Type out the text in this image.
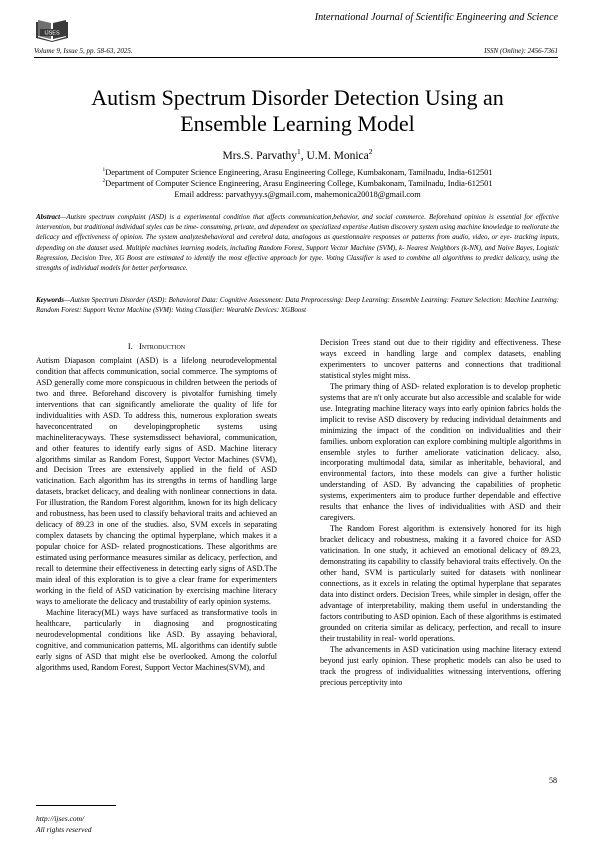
IJSES
International Journal of Scientific Engineering and Science
Volume 9, Issue 5, pp. 58-63, 2025.	ISSN (Online): 2456-7361
Autism Spectrum Disorder Detection Using an
Ensemble Learning Model
Mrs.S. Parvathy$^1$, U.M. Monica$^2$
$^1$Department of Computer Science Engineering, Arasu Engineering College, Kumbakonam, Tamilnadu, India-612501
$^2$Department of Computer Science Engineering, Arasu Engineering College, Kumbakonam, Tamilnadu, India-612501
Email address: parvathyyy.s@gmail.com, mahemonica20018@gmail.com
Abstract—Autism spectrum complaint (ASD) is a experimental condition that affects communication,behavior, and social commerce. Beforehand opinion is essential for effective intervention, but traditional individual styles can be time- consuming, private, and dependent on specialized expertise Autism discovery system using machine knowledge to meliorate the delicacy and effectiveness of opinion. The system analyzesbehavioral and cerebral data, analogous as questionnaire responses or patterns from audio, video, or eye- tracking inputs, depending on the dataset used. Multiple machines learning models, including Random Forest, Support Vector Machine (SVM), k- Nearest Neighbors (k-NN), and Naive Bayes, Logistic Regression, Decision Tree, XG Boost are estimated to identify the most effective approach for type. Voting Classifier is used to combine all algorithms to predict delicacy, using the strengths of individual models for better performance.
Keywords—Autism Spectrum Disorder (ASD): Behavioral Data: Cognitive Assessment: Data Preprocessing: Deep Learning: Ensemble Learning: Feature Selection: Machine Learning: Random Forest: Support Vector Machine (SVM): Voting Classifier: Wearable Devices: XGBoost
I. Introduction

Autism Diapason complaint (ASD) is a lifelong neurodevelopmental condition that affects communication, social commerce. The symptoms of ASD generally come more conspicuous in children between the periods of two and three. Beforehand discovery is pivotalfor furnishing timely interventions that can significantly ameliorate the quality of life for individualities with ASD. To address this, numerous exploration sweats haveconcentrated on developingprophetic systems using machineliteracyways. These systemsdissect behavioral, communication, and other features to identify early signs of ASD. Machine literacy algorithms similar as Random Forest, Support Vector Machines (SVM), and Decision Trees are extensively applied in the field of ASD vaticination. Each algorithm has its strengths in terms of handling large datasets, bracket delicacy, and dealing with nonlinear connections in data. For illustration, the Random Forest algorithm, known for its high delicacy and robustness, has been used to classify behavioral traits and achieved an delicacy of 89.23 in one of the studies. also, SVM excels in separating complex datasets by chancing the optimal hyperplane, which makes it a popular choice for ASD- related prognostications. These algorithms are estimated using performance measures similar as delicacy, perfection, and recall to determine their effectiveness in detecting early signs of ASD.The main ideal of this exploration is to give a clear frame for experimenters working in the field of ASD vaticination by exercising machine literacy ways to ameliorate the delicacy and trustability of early opinion systems.

Machine literacy(ML) ways have surfaced as transformative tools in healthcare, particularly in diagnosing and prognosticating neurodevelopmental conditions like ASD. By assaying behavioral, cognitive, and communication patterns, ML algorithms can identify subtle early signs of ASD that might else be overlooked. Among the colorful algorithms used, Random Forest, Support Vector Machines(SVM), and

Decision Trees stand out due to their rigidity and effectiveness. These ways exceed in handling large and complex datasets, enabling experimenters to uncover patterns and connections that traditional statistical styles might miss.

The primary thing of ASD- related exploration is to develop prophetic systems that are n't only accurate but also accessible and scalable for wide use. Integrating machine literacy ways into early opinion fabrics holds the implicit to revise ASD discovery by reducing individual detainments and minimizing the impact of the condition on individualities and their families. unborn exploration can explore combining multiple algorithms in ensemble styles to further ameliorate vaticination delicacy. also, incorporating multimodal data, similar as inheritable, behavioral, and environmental factors, into these models can give a further holistic understanding of ASD. By advancing the capabilities of prophetic systems, experimenters aim to produce further dependable and effective results that enhance the lives of individualities with ASD and their caregivers.

The Random Forest algorithm is extensively honored for its high bracket delicacy and robustness, making it a favored choice for ASD vaticination. In one study, it achieved an emotional delicacy of 89.23, demonstrating its capability to classify behavioral traits effectively. On the other hand, SVM is particularly suited for datasets with nonlinear connections, as it excels in relating the optimal hyperplane that separates data into distinct orders. Decision Trees, while simpler in design, offer the advantage of interpretability, making them useful in understanding the factors contributing to ASD opinion. Each of these algorithms is estimated grounded on criteria similar as delicacy, perfection, and recall to insure their trustability in real- world operations.

The advancements in ASD vaticination using machine literacy extend beyond just early opinion. These prophetic models can also be used to track the progress of individualities witnessing interventions, offering precious perceptivity into

58
http://ijses.com/
All rights reserved
